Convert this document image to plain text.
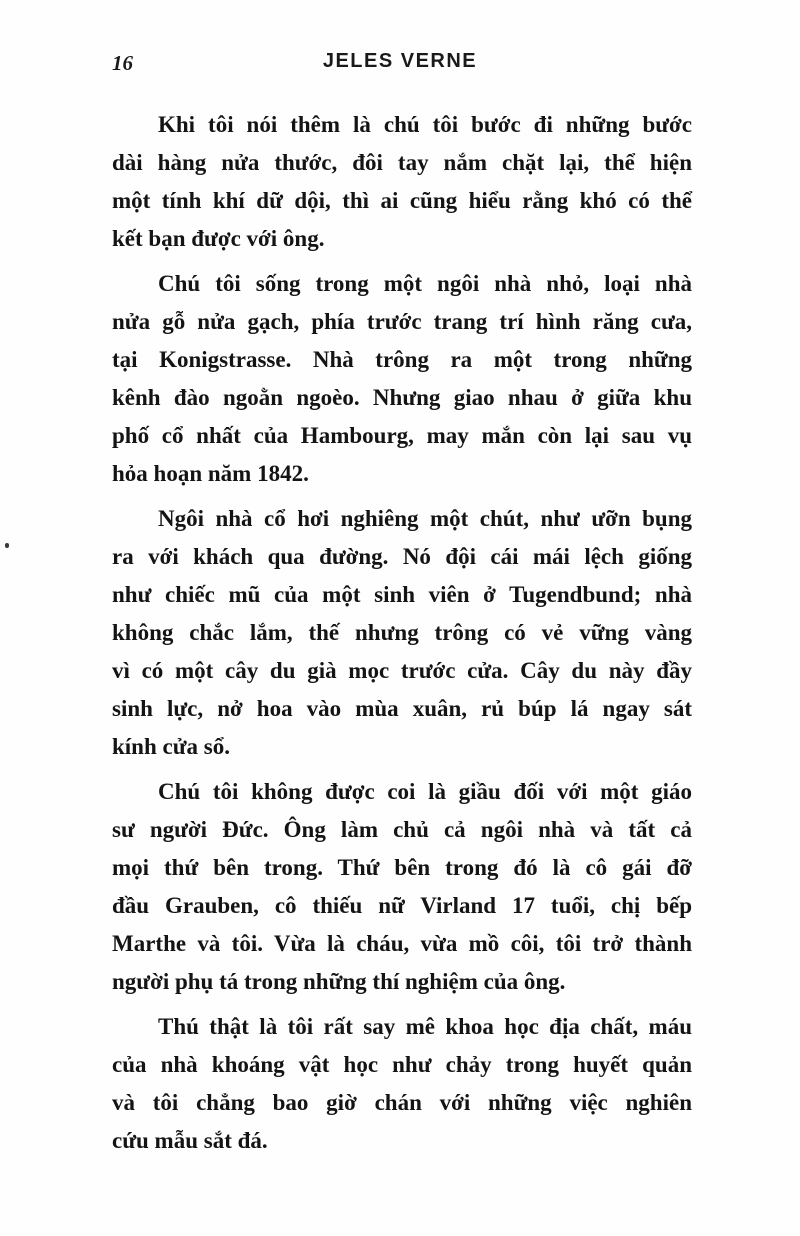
16	JELES VERNE
Khi tôi nói thêm là chú tôi bước đi những bước
dài hàng nửa thước, đôi tay nắm chặt lại, thể hiện
một tính khí dữ dội, thì ai cũng hiểu rằng khó có thể
kết bạn được với ông.
Chú tôi sống trong một ngôi nhà nhỏ, loại nhà
nửa gỗ nửa gạch, phía trước trang trí hình răng cưa,
tại Konigstrasse. Nhà trông ra một trong những
kênh đào ngoằn ngoèo. Nhưng giao nhau ở giữa khu
phố cổ nhất của Hambourg, may mắn còn lại sau vụ
hỏa hoạn năm 1842.
Ngôi nhà cổ hơi nghiêng một chút, như ưỡn bụng
ra với khách qua đường. Nó đội cái mái lệch giống
như chiếc mũ của một sinh viên ở Tugendbund; nhà
không chắc lắm, thế nhưng trông có vẻ vững vàng
vì có một cây du già mọc trước cửa. Cây du này đầy
sinh lực, nở hoa vào mùa xuân, rủ búp lá ngay sát
kính cửa sổ.
Chú tôi không được coi là giầu đối với một giáo
sư người Đức. Ông làm chủ cả ngôi nhà và tất cả
mọi thứ bên trong. Thứ bên trong đó là cô gái đỡ
đầu Grauben, cô thiếu nữ Virland 17 tuổi, chị bếp
Marthe và tôi. Vừa là cháu, vừa mồ côi, tôi trở thành
người phụ tá trong những thí nghiệm của ông.
Thú thật là tôi rất say mê khoa học địa chất, máu
của nhà khoáng vật học như chảy trong huyết quản
và tôi chẳng bao giờ chán với những việc nghiên
cứu mẫu sắt đá.
